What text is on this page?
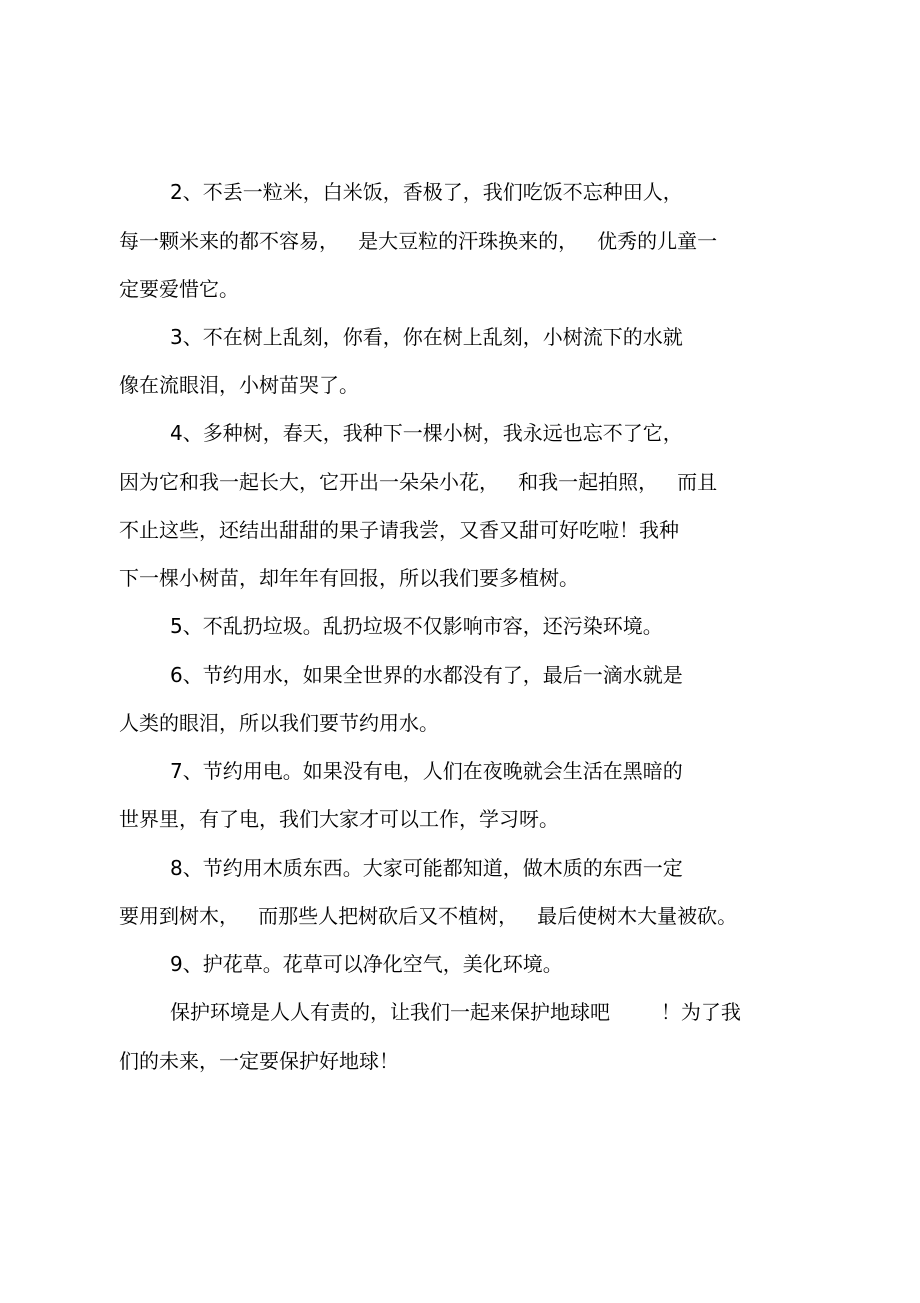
2、不丢一粒米，白米饭，香极了，我们吃饭不忘种田人，
每一颗米来的都不容易，   是大豆粒的汗珠换来的，   优秀的儿童一
定要爱惜它。
3、不在树上乱刻，你看，你在树上乱刻，小树流下的水就
像在流眼泪，小树苗哭了。
4、多种树，春天，我种下一棵小树，我永远也忘不了它，
因为它和我一起长大，它开出一朵朵小花，   和我一起拍照，   而且
不止这些，还结出甜甜的果子请我尝，又香又甜可好吃啦！我种
下一棵小树苗，却年年有回报，所以我们要多植树。
5、不乱扔垃圾。乱扔垃圾不仅影响市容，还污染环境。
6、节约用水，如果全世界的水都没有了，最后一滴水就是
人类的眼泪，所以我们要节约用水。
7、节约用电。如果没有电，人们在夜晚就会生活在黑暗的
世界里，有了电，我们大家才可以工作，学习呀。
8、节约用木质东西。大家可能都知道，做木质的东西一定
要用到树木，   而那些人把树砍后又不植树，   最后使树木大量被砍。
9、护花草。花草可以净化空气，美化环境。
保护环境是人人有责的，让我们一起来保护地球吧        ！为了我
们的未来，一定要保护好地球！
